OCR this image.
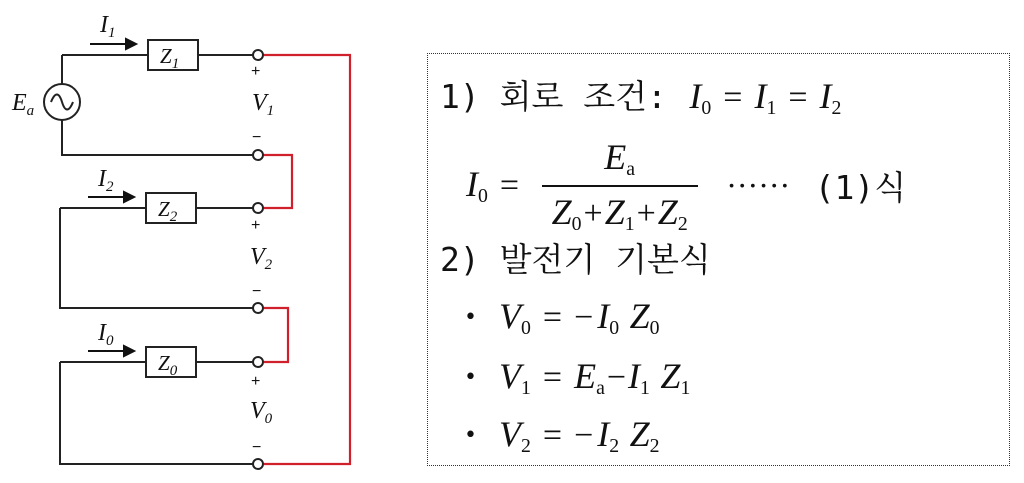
$E_a$
$I_1$
$Z_1$	+
$V_1$
−
$I_2$
$Z_2$	+
$V_2$
−
$I_0$
$Z_0$
+
$V_0$
−
1) 회로 조건: $I_0 = I_1 = I_2$
$I_0 = \frac{E_a}{Z_0+Z_1+Z_2}$ ······ (1)식
2) 발전기 기본식
• $V_0$ = − $I_0$ $Z_0$
• $V_1 = E_a-I_1$ $Z_1$
• $V_2$ = − $I_2$ $Z_2$
